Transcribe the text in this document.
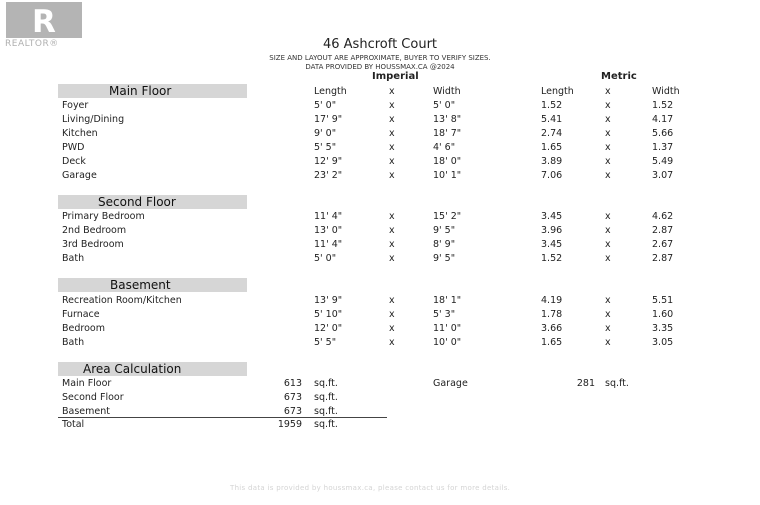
R
REALTOR®	46 Ashcroft Court
SIZE AND LAYOUT ARE APPROXIMATE, BUYER TO VERIFY SIZES.
DATA PROVIDED BY HOUSSMAX.CA @2024
Imperial	Metric
Main Floor	Length	x	Width	Length	x	Width
Foyer	5' 0"	x	5' 0"	1.52	x	1.52
Living/Dining	17' 9"	x	13' 8"	5.41	x	4.17
Kitchen	9' 0"	x	18' 7"	2.74	x	5.66
PWD	5' 5"	x	4' 6"	1.65	x	1.37
Deck	12' 9"	x	18' 0"	3.89	x	5.49
Garage	23' 2"	x	10' 1"	7.06	x	3.07
Second Floor
Primary Bedroom	11' 4"	x	15' 2"	3.45	x	4.62
2nd Bedroom	13' 0"	x	9' 5"	3.96	x	2.87
3rd Bedroom	11' 4"	x	8' 9"	3.45	x	2.67
Bath	5' 0"	x	9' 5"	1.52	x	2.87
Basement
Recreation Room/Kitchen	13' 9"	x	18' 1"	4.19	x	5.51
Furnace	5' 10"	x	5' 3"	1.78	x	1.60
Bedroom	12' 0"	x	11' 0"	3.66	x	3.35
Bath	5' 5"	x	10' 0"	1.65	x	3.05
Area Calculation
Main Floor	613 sq.ft.	Garage	281 sq.ft.
Second Floor	673 sq.ft.
Basement	673 sq.ft.
Total	1959 sq.ft.
This data is provided by houssmax.ca, please contact us for more details.
